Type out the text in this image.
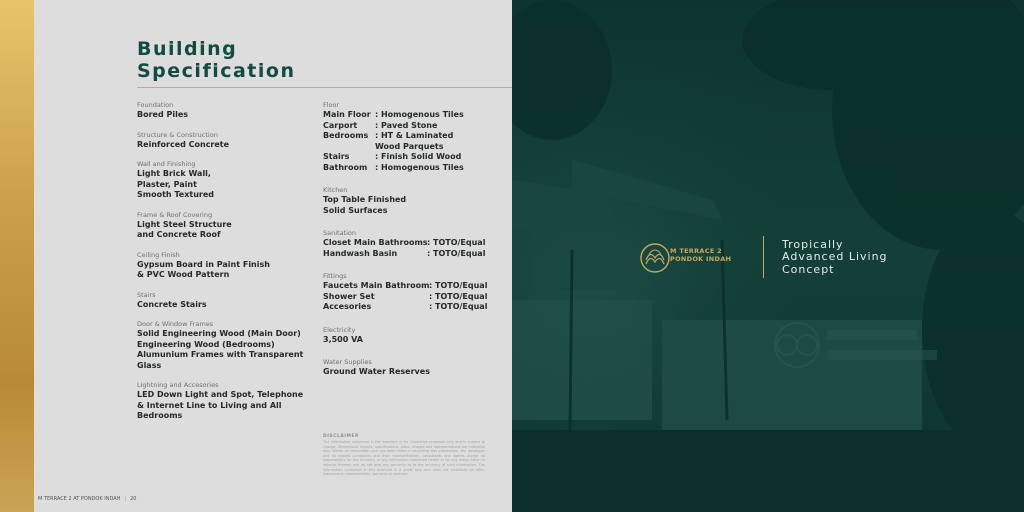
Building
Specification
Foundation
Bored Piles
Structure & Construction
Reinforced Concrete
Wall and Finishing
Light Brick Wall,
Plaster, Paint
Smooth Textured
Frame & Roof Covering
Light Steel Structure
and Concrete Roof
Ceiling Finish
Gypsum Board in Paint Finish
& PVC Wood Pattern
Stairs
Concrete Stairs
Door & Window Frames
Solid Engineering Wood (Main Door)
Engineering Wood (Bedrooms)
Alumunium Frames with Transparent
Glass
Lightning and Accesories
LED Down Light and Spot, Telephone
& Internet Line to Living and All
Bedrooms
Floor
Main Floor : Homogenous Tiles
Carport	: Paved Stone
Bedrooms : HT & Laminated
Wood Parquets
Stairs	: Finish Solid Wood
Bathroom : Homogenous Tiles
Kitchen
Top Table Finished
Solid Surfaces
Sanitation
Closet Main Bathrooms : TOTO/Equal
Handwash Basin	: TOTO/Equal
Fittings
Faucets Main Bathroom : TOTO/Equal
Shower Set	: TOTO/Equal
Accesories	: TOTO/Equal
Electricity
3,500 VA
Water Supplies
Ground Water Reserves
DISCLAIMER
The information contained in the brochure is for illustrative purposes only and is subject to change. Dimensions, layouts, specifications, plans, images and representations are indicative only. Whilst all reasonable care has been taken in providing this information, the developer and its related companies and their representatives, consultants and agents accept no responsibility for the accuracy of any information contained herein or for any action taken in reliance thereon and do not give any warranty as to the accuracy of such information. The information contained in this brochure is a guide only and does not constitute an offer, inducement, representation, warranty or contract.
M TERRACE 2 AT PONDOK INDAH | 20
M TERRACE 2
PONDOK INDAH
Tropically
Advanced Living
Concept
